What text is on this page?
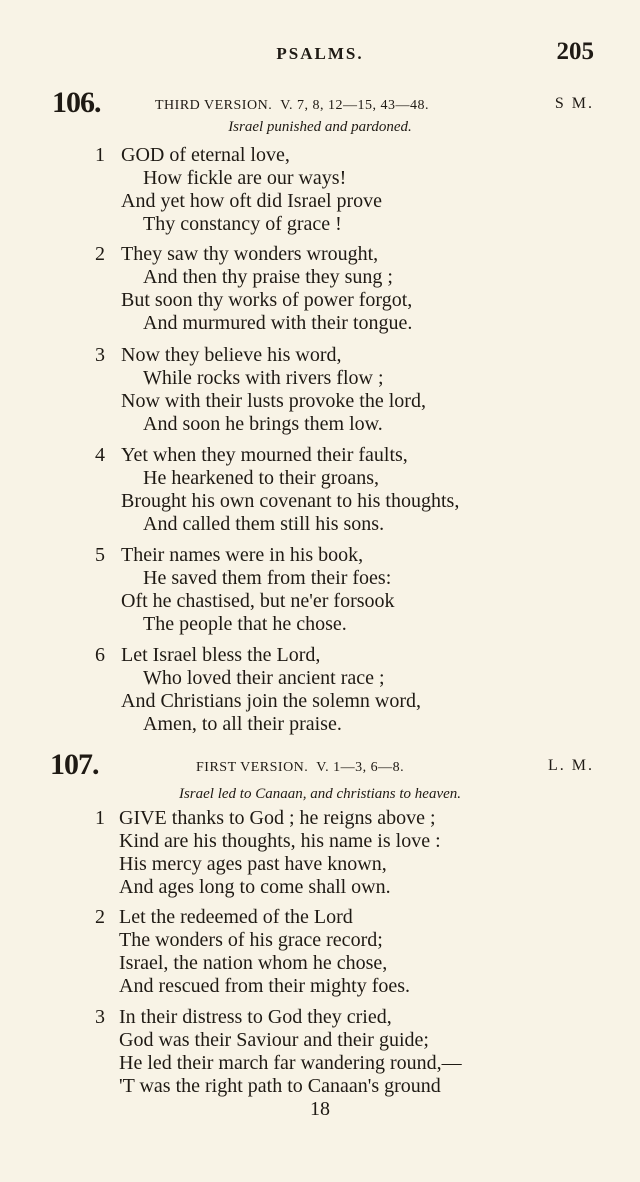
PSALMS.	205
106.	THIRD VERSION. V. 7, 8, 12—15, 43—48.	S M.
Israel punished and pardoned.
1 GOD of eternal love,
How fickle are our ways!
And yet how oft did Israel prove
Thy constancy of grace !
2 They saw thy wonders wrought,
And then thy praise they sung ;
But soon thy works of power forgot,
And murmured with their tongue.
3 Now they believe his word,
While rocks with rivers flow ;
Now with their lusts provoke the lord,
And soon he brings them low.
4 Yet when they mourned their faults,
He hearkened to their groans,
Brought his own covenant to his thoughts,
And called them still his sons.
5 Their names were in his book,
He saved them from their foes:
Oft he chastised, but ne'er forsook
The people that he chose.
6 Let Israel bless the Lord,
Who loved their ancient race ;
And Christians join the solemn word,
Amen, to all their praise.
107.	FIRST VERSION. V. 1—3, 6—8.	L. M.
Israel led to Canaan, and christians to heaven.
1 GIVE thanks to God ; he reigns above ;
Kind are his thoughts, his name is love :
His mercy ages past have known,
And ages long to come shall own.
2 Let the redeemed of the Lord
The wonders of his grace record;
Israel, the nation whom he chose,
And rescued from their mighty foes.
3 In their distress to God they cried,
God was their Saviour and their guide;
He led their march far wandering round,—
'T was the right path to Canaan's ground
18
